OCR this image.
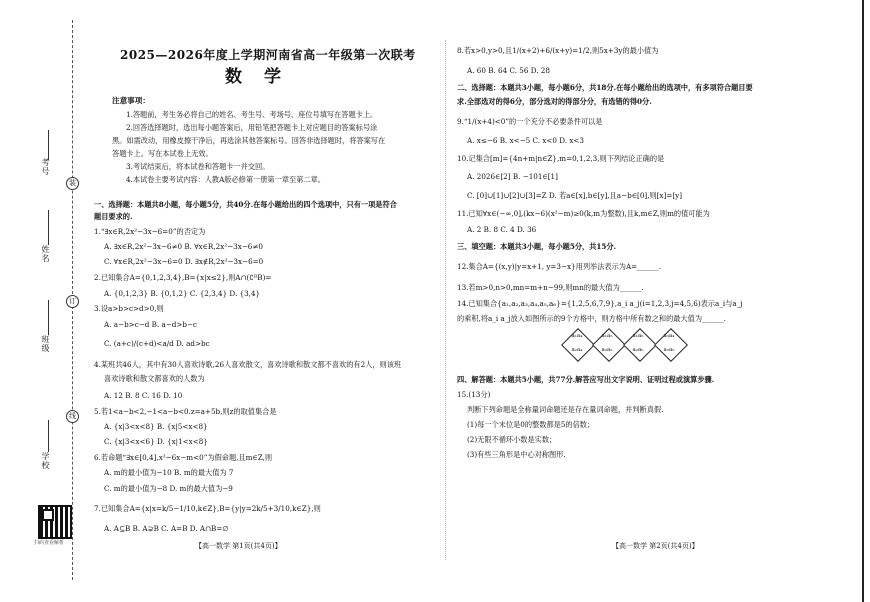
考号
姓名
班级
学校
装
订
线
扫码查看解析
2025—2026年度上学期河南省高一年级第一次联考
数学
注意事项：
1.答题前，考生务必将自己的姓名、考生号、考场号、座位号填写在答题卡上。
2.回答选择题时，选出每小题答案后，用铅笔把答题卡上对应题目的答案标号涂
黑。如需改动，用橡皮擦干净后，再选涂其他答案标号。回答非选择题时，将答案写在
答题卡上。写在本试卷上无效。
3.考试结束后，将本试卷和答题卡一并交回。
4.本试卷主要考试内容：人教A版必修第一册第一章至第二章。
一、选择题：本题共8小题，每小题5分，共40分.在每小题给出的四个选项中，只有一项是符合
题目要求的.
1.“∃x∈R,2x²−3x−6=0”的否定为
A. ∃x∈R,2x²−3x−6≠0 B. ∀x∈R,2x²−3x−6≠0
C. ∀x∈R,2x²−3x−6=0 D. ∃x∉R,2x²−3x−6=0
2.已知集合A={0,1,2,3,4},B={x|x≤2},则A∩(∁ᴿB)=
A. {0,1,2,3} B. {0,1,2} C. {2,3,4} D. {3,4}
3.设a>b>c>d>0,则
A. a−b>c−d B. a−d>b−c
C. (a+c)/(c+d)<a/d D. ad>bc
4.某班共46人，其中有30人喜欢诗歌,26人喜欢散文，喜欢诗歌和散文都不喜欢的有2人，则该班
喜欢诗歌和散文都喜欢的人数为
A. 12 B. 8 C. 16 D. 10
5.若1<a−b<2,−1<a−b<0.z=a+5b,则z的取值集合是
A. {x|3<x<8} B. {x|5<x<8}
C. {x|3<x<6} D. {x|1<x<8}
6.若命题“∃x∈[0,4],x²−6x−m<0”为假命题,且m∈Z,则
A. m的最小值为−10 B. m的最大值为 7
C. m的最小值为−8 D. m的最大值为−9
7.已知集合A={x|x=k/5−1/10,k∈Z},B={y|y=2k/5+3/10,k∈Z},则
A. A⊆B B. A⊋B C. A=B D. A∩B=∅
8.若x>0,y>0,且1/(x+2)+6/(x+y)=1/2,则5x+3y的最小值为
A. 60 B. 64 C. 56 D. 28
二、选择题：本题共3小题，每小题6分，共18分.在每小题给出的选项中，有多项符合题目要
求.全部选对的得6分，部分选对的得部分分，有选错的得0分.
9.“1/(x+4)<0”的一个充分不必要条件可以是
A. x≤−6 B. x<−5 C. x<0 D. x<3
10.记集合[m]={4n+m|n∈Z},m=0,1,2,3,则下列结论正确的是
A. 2026∈[2] B. −101∈[1]
C. [0]∪[1]∪[2]∪[3]=Z D. 若a∈[x],b∈[y],且a−b∈[0],则[x]=[y]
11.已知∀x∈(−∞,0],(kx−6)(x²−m)≥0(k,m为整数),且k,m∈Z,则m的值可能为
A. 2 B. 8 C. 4 D. 36
三、填空题：本题共3小题，每小题5分，共15分.
12.集合A={(x,y)|y=x+1, y=3−x}用列举法表示为A=______.
13.若m>0,n>0,mn=m+n−99,则mn的最大值为______.
14.已知集合{a₁,a₂,a₃,a₄,a₅,a₆}={1,2,5,6,7,9},a_i a_j(i=1,2,3,j=4,5,6)表示a_i与a_j
的乘积,将a_i a_j放入如图所示的9个方格中，则方格中所有数之和的最大值为______.
四、解答题：本题共5小题，共77分.解答应写出文字说明、证明过程或演算步骤.
15.(13分)
判断下列命题是全称量词命题还是存在量词命题，并判断真假.
(1)每一个末位是0的整数都是5的倍数；
(2)无限不循环小数是实数；
(3)有些三角形是中心对称图形.
a₁a₄
a₂a₄
a₁a₅
a₂a₅
a₁a₆
a₂a₆
a₃a₄
a₃a₅
【高一数学 第1页(共4页)】	【高一数学 第2页(共4页)】
